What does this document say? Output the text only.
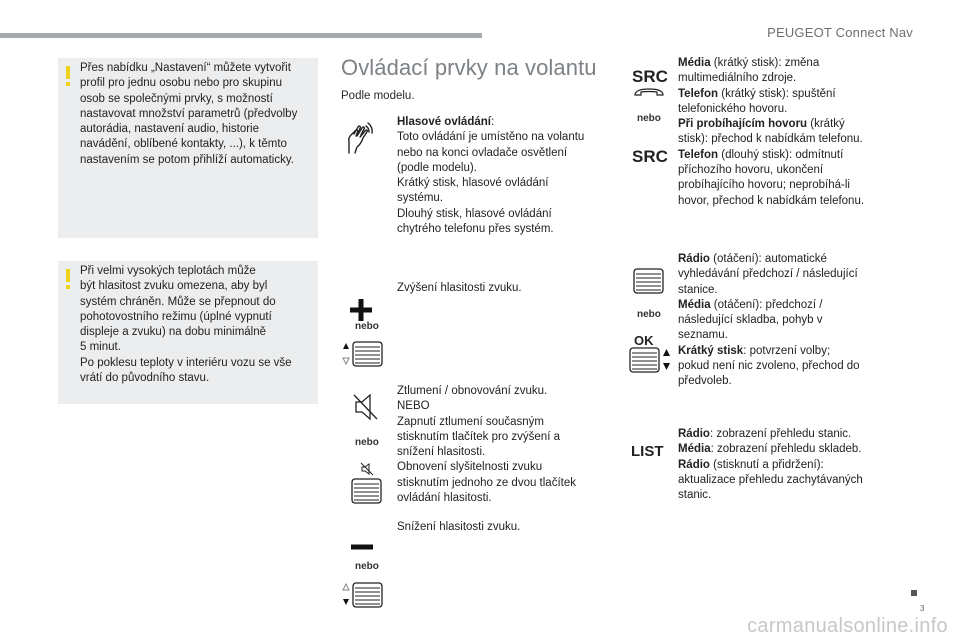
PEUGEOT Connect Nav
Přes nabídku „Nastavení“ můžete vytvořit
profil pro jednu osobu nebo pro skupinu
osob se společnými prvky, s možností
nastavovat množství parametrů (předvolby
autorádia, nastavení audio, historie
navádění, oblíbené kontakty, ...), k těmto
nastavením se potom přihlíží automaticky.
Při velmi vysokých teplotách může
být hlasitost zvuku omezena, aby byl
systém chráněn. Může se přepnout do
pohotovostního režimu (úplné vypnutí
displeje a zvuku) na dobu minimálně
5 minut.
Po poklesu teploty v interiéru vozu se vše
vrátí do původního stavu.
Ovládací prvky na volantu
Podle modelu.
Hlasové ovládání:
Toto ovládání je umístěno na volantu
nebo na konci ovladače osvětlení
(podle modelu).
Krátký stisk, hlasové ovládání
systému.
Dlouhý stisk, hlasové ovládání
chytrého telefonu přes systém.
nebo
Zvýšení hlasitosti zvuku.
nebo
Ztlumení / obnovování zvuku.
NEBO
Zapnutí ztlumení současným
stisknutím tlačítek pro zvýšení a
snížení hlasitosti.
Obnovení slyšitelnosti zvuku
stisknutím jednoho ze dvou tlačítek
ovládání hlasitosti.
nebo
Snížení hlasitosti zvuku.
SRC
nebo
SRC
Média (krátký stisk): změna
multimediálního zdroje.
Telefon (krátký stisk): spuštění
telefonického hovoru.
Při probíhajícím hovoru (krátký
stisk): přechod k nabídkám telefonu.
Telefon (dlouhý stisk): odmítnutí
příchozího hovoru, ukončení
probíhajícího hovoru; neprobíhá-li
hovor, přechod k nabídkám telefonu.
nebo
OK
Rádio (otáčení): automatické
vyhledávání předchozí / následující
stanice.
Média (otáčení): předchozí /
následující skladba, pohyb v
seznamu.
Krátký stisk: potvrzení volby;
pokud není nic zvoleno, přechod do
předvoleb.
LIST
Rádio: zobrazení přehledu stanic.
Média: zobrazení přehledu skladeb.
Rádio (stisknutí a přidržení):
aktualizace přehledu zachytávaných
stanic.
3
carmanualsonline.info
